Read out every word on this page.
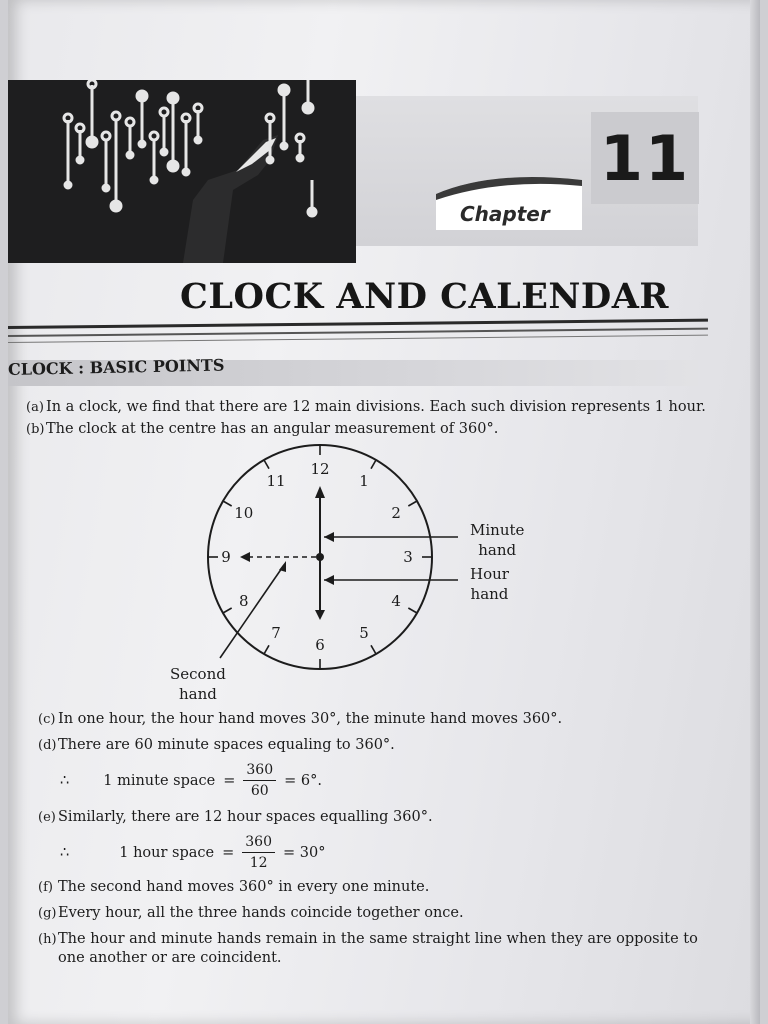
Chapter
11
CLOCK AND CALENDAR
CLOCK : BASIC POINTS
(a) In a clock, we find that there are 12 main divisions. Each such division represents 1 hour.
(b) The clock at the centre has an angular measurement of 360°.
12
1
2
3
4
5
6
7
8
10
11
9
Minute
hand
Hour
hand
Second
hand
(c) In one hour, the hour hand moves 30°, the minute hand moves 360°.
(d) There are 60 minute spaces equaling to 360°.
∴ 1 minute space = $\frac{360}{60} = 6^\circ$.
(e) Similarly, there are 12 hour spaces equalling 360°.
∴	1 hour space = $\frac{360}{12} = 30^\circ$
(f) The second hand moves 360° in every one minute.
(g) Every hour, all the three hands coincide together once.
(h)The hour and minute hands remain in the same straight line when they are opposite to one another or are coincident.
